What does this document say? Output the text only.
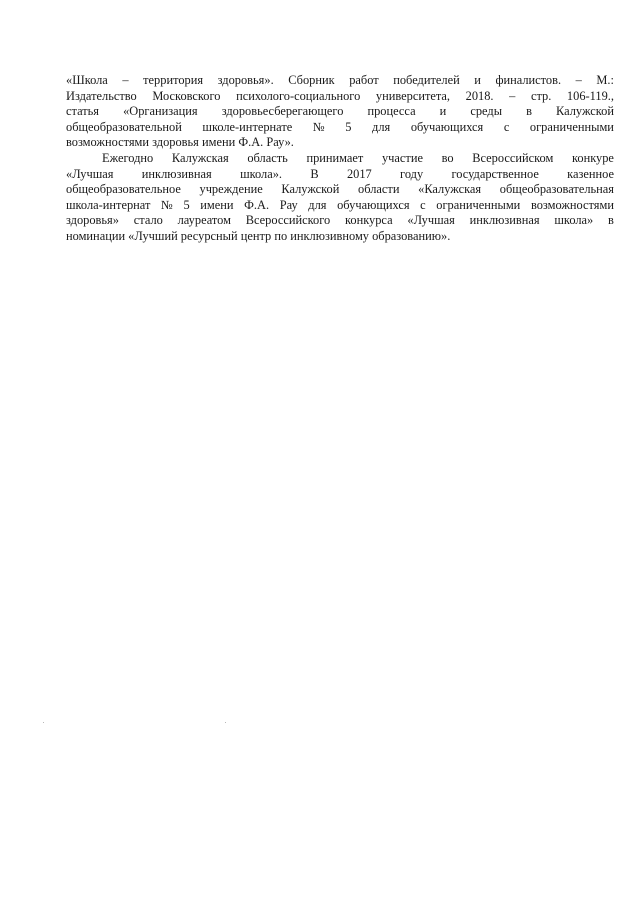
«Школа – территория здоровья». Сборник работ победителей и финалистов. – М.:
Издательство Московского психолого-социального университета, 2018. – стр. 106-119.,
статья «Организация здоровьесберегающего процесса и среды в Калужской
общеобразовательной школе-интернате № 5 для обучающихся с ограниченными
возможностями здоровья имени Ф.А. Рау».
Ежегодно Калужская область принимает участие во Всероссийском конкуре
«Лучшая инклюзивная школа». В 2017 году государственное казенное
общеобразовательное учреждение Калужской области «Калужская общеобразовательная
школа-интернат № 5 имени Ф.А. Рау для обучающихся с ограниченными возможностями
здоровья» стало лауреатом Всероссийского конкурса «Лучшая инклюзивная школа» в
номинации «Лучший ресурсный центр по инклюзивному образованию».
